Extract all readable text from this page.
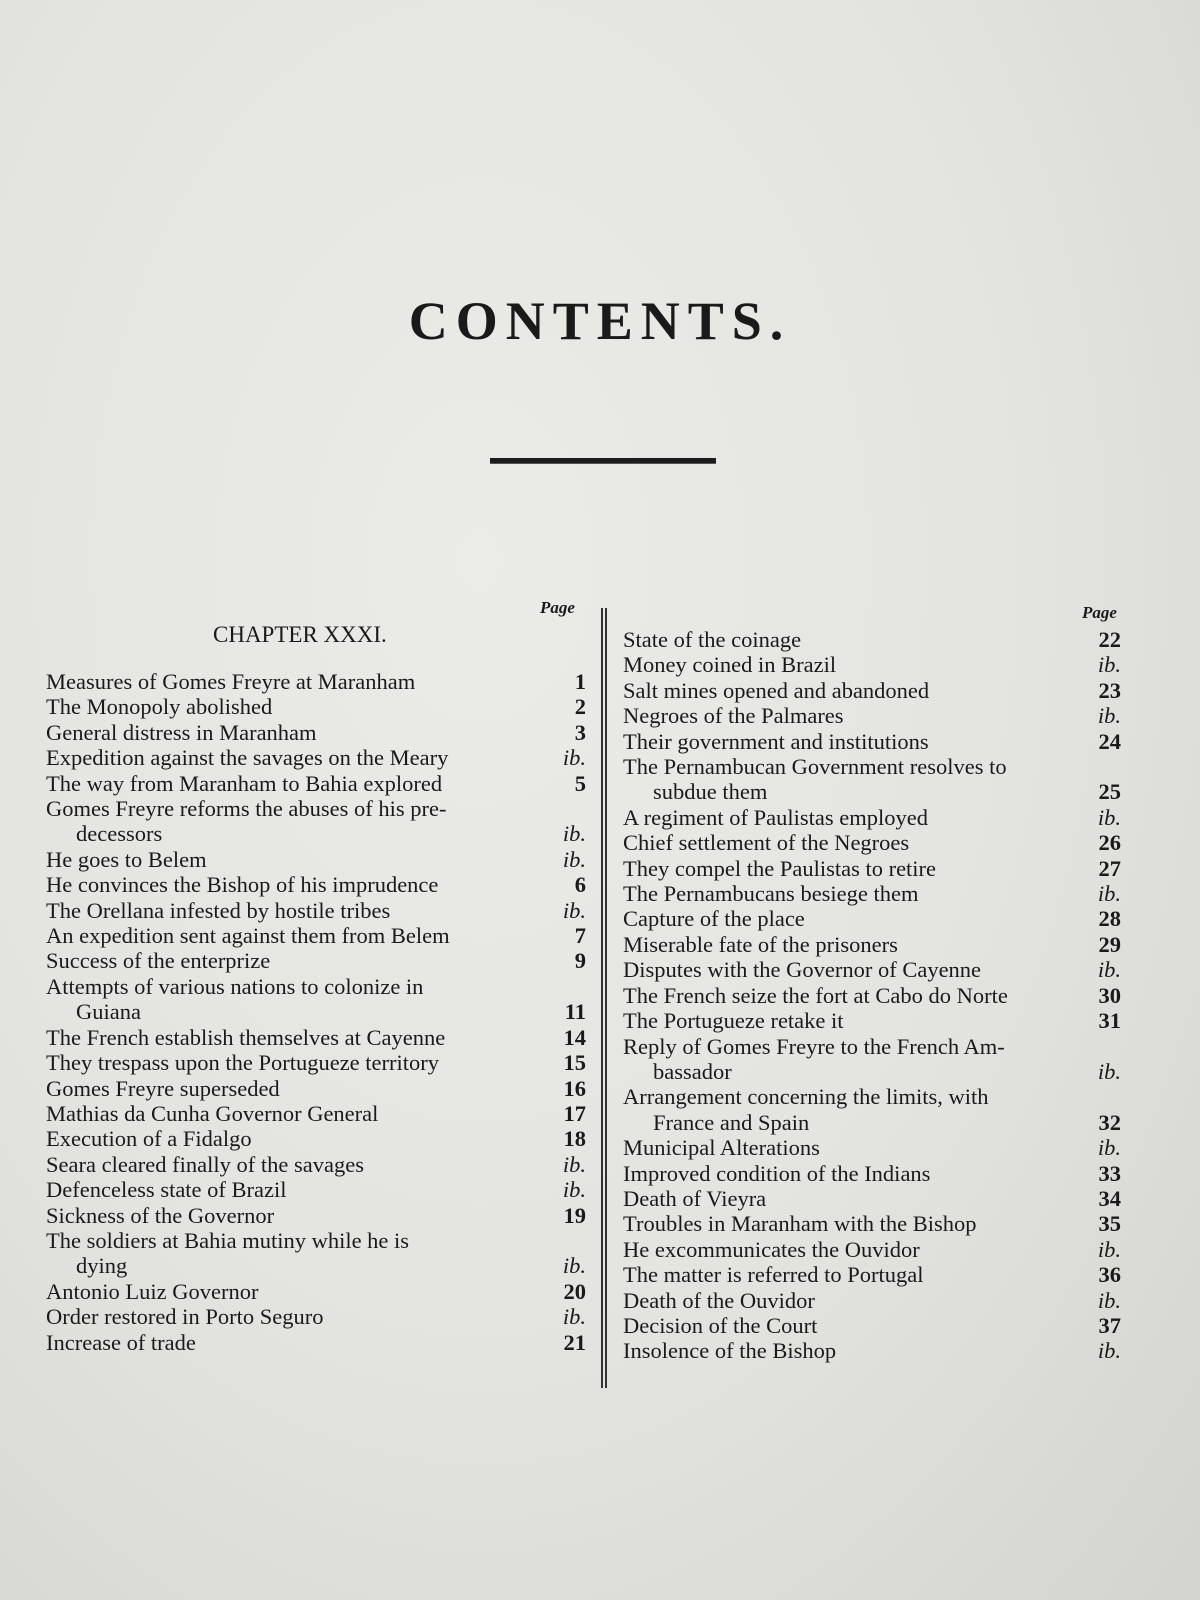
CONTENTS.
CHAPTER XXXI.
Page	Page
Measures of Gomes Freyre at Maranham	1
The Monopoly abolished	2
General distress in Maranham	3
Expedition against the savages on the Meary	ib.
The way from Maranham to Bahia explored	5
Gomes Freyre reforms the abuses of his pre-
decessors	ib.
He goes to Belem	ib.
He convinces the Bishop of his imprudence	6
The Orellana infested by hostile tribes	ib.
An expedition sent against them from Belem	7
Success of the enterprize	9
Attempts of various nations to colonize in
Guiana	11
The French establish themselves at Cayenne	14
They trespass upon the Portugueze territory	15
Gomes Freyre superseded	16
Mathias da Cunha Governor General	17
Execution of a Fidalgo	18
Seara cleared finally of the savages	ib.
Defenceless state of Brazil	ib.
Sickness of the Governor	19
The soldiers at Bahia mutiny while he is
dying	ib.
Antonio Luiz Governor	20
Order restored in Porto Seguro	ib.
Increase of trade	21
State of the coinage	22
Money coined in Brazil	ib.
Salt mines opened and abandoned	23
Negroes of the Palmares	ib.
Their government and institutions	24
The Pernambucan Government resolves to
subdue them	25
A regiment of Paulistas employed	ib.
Chief settlement of the Negroes	26
They compel the Paulistas to retire	27
The Pernambucans besiege them	ib.
Capture of the place	28
Miserable fate of the prisoners	29
Disputes with the Governor of Cayenne	ib.
The French seize the fort at Cabo do Norte	30
The Portugueze retake it	31
Reply of Gomes Freyre to the French Am-
bassador	ib.
Arrangement concerning the limits, with
France and Spain	32
Municipal Alterations	ib.
Improved condition of the Indians	33
Death of Vieyra	34
Troubles in Maranham with the Bishop	35
He excommunicates the Ouvidor	ib.
The matter is referred to Portugal	36
Death of the Ouvidor	ib.
Decision of the Court	37
Insolence of the Bishop	ib.
